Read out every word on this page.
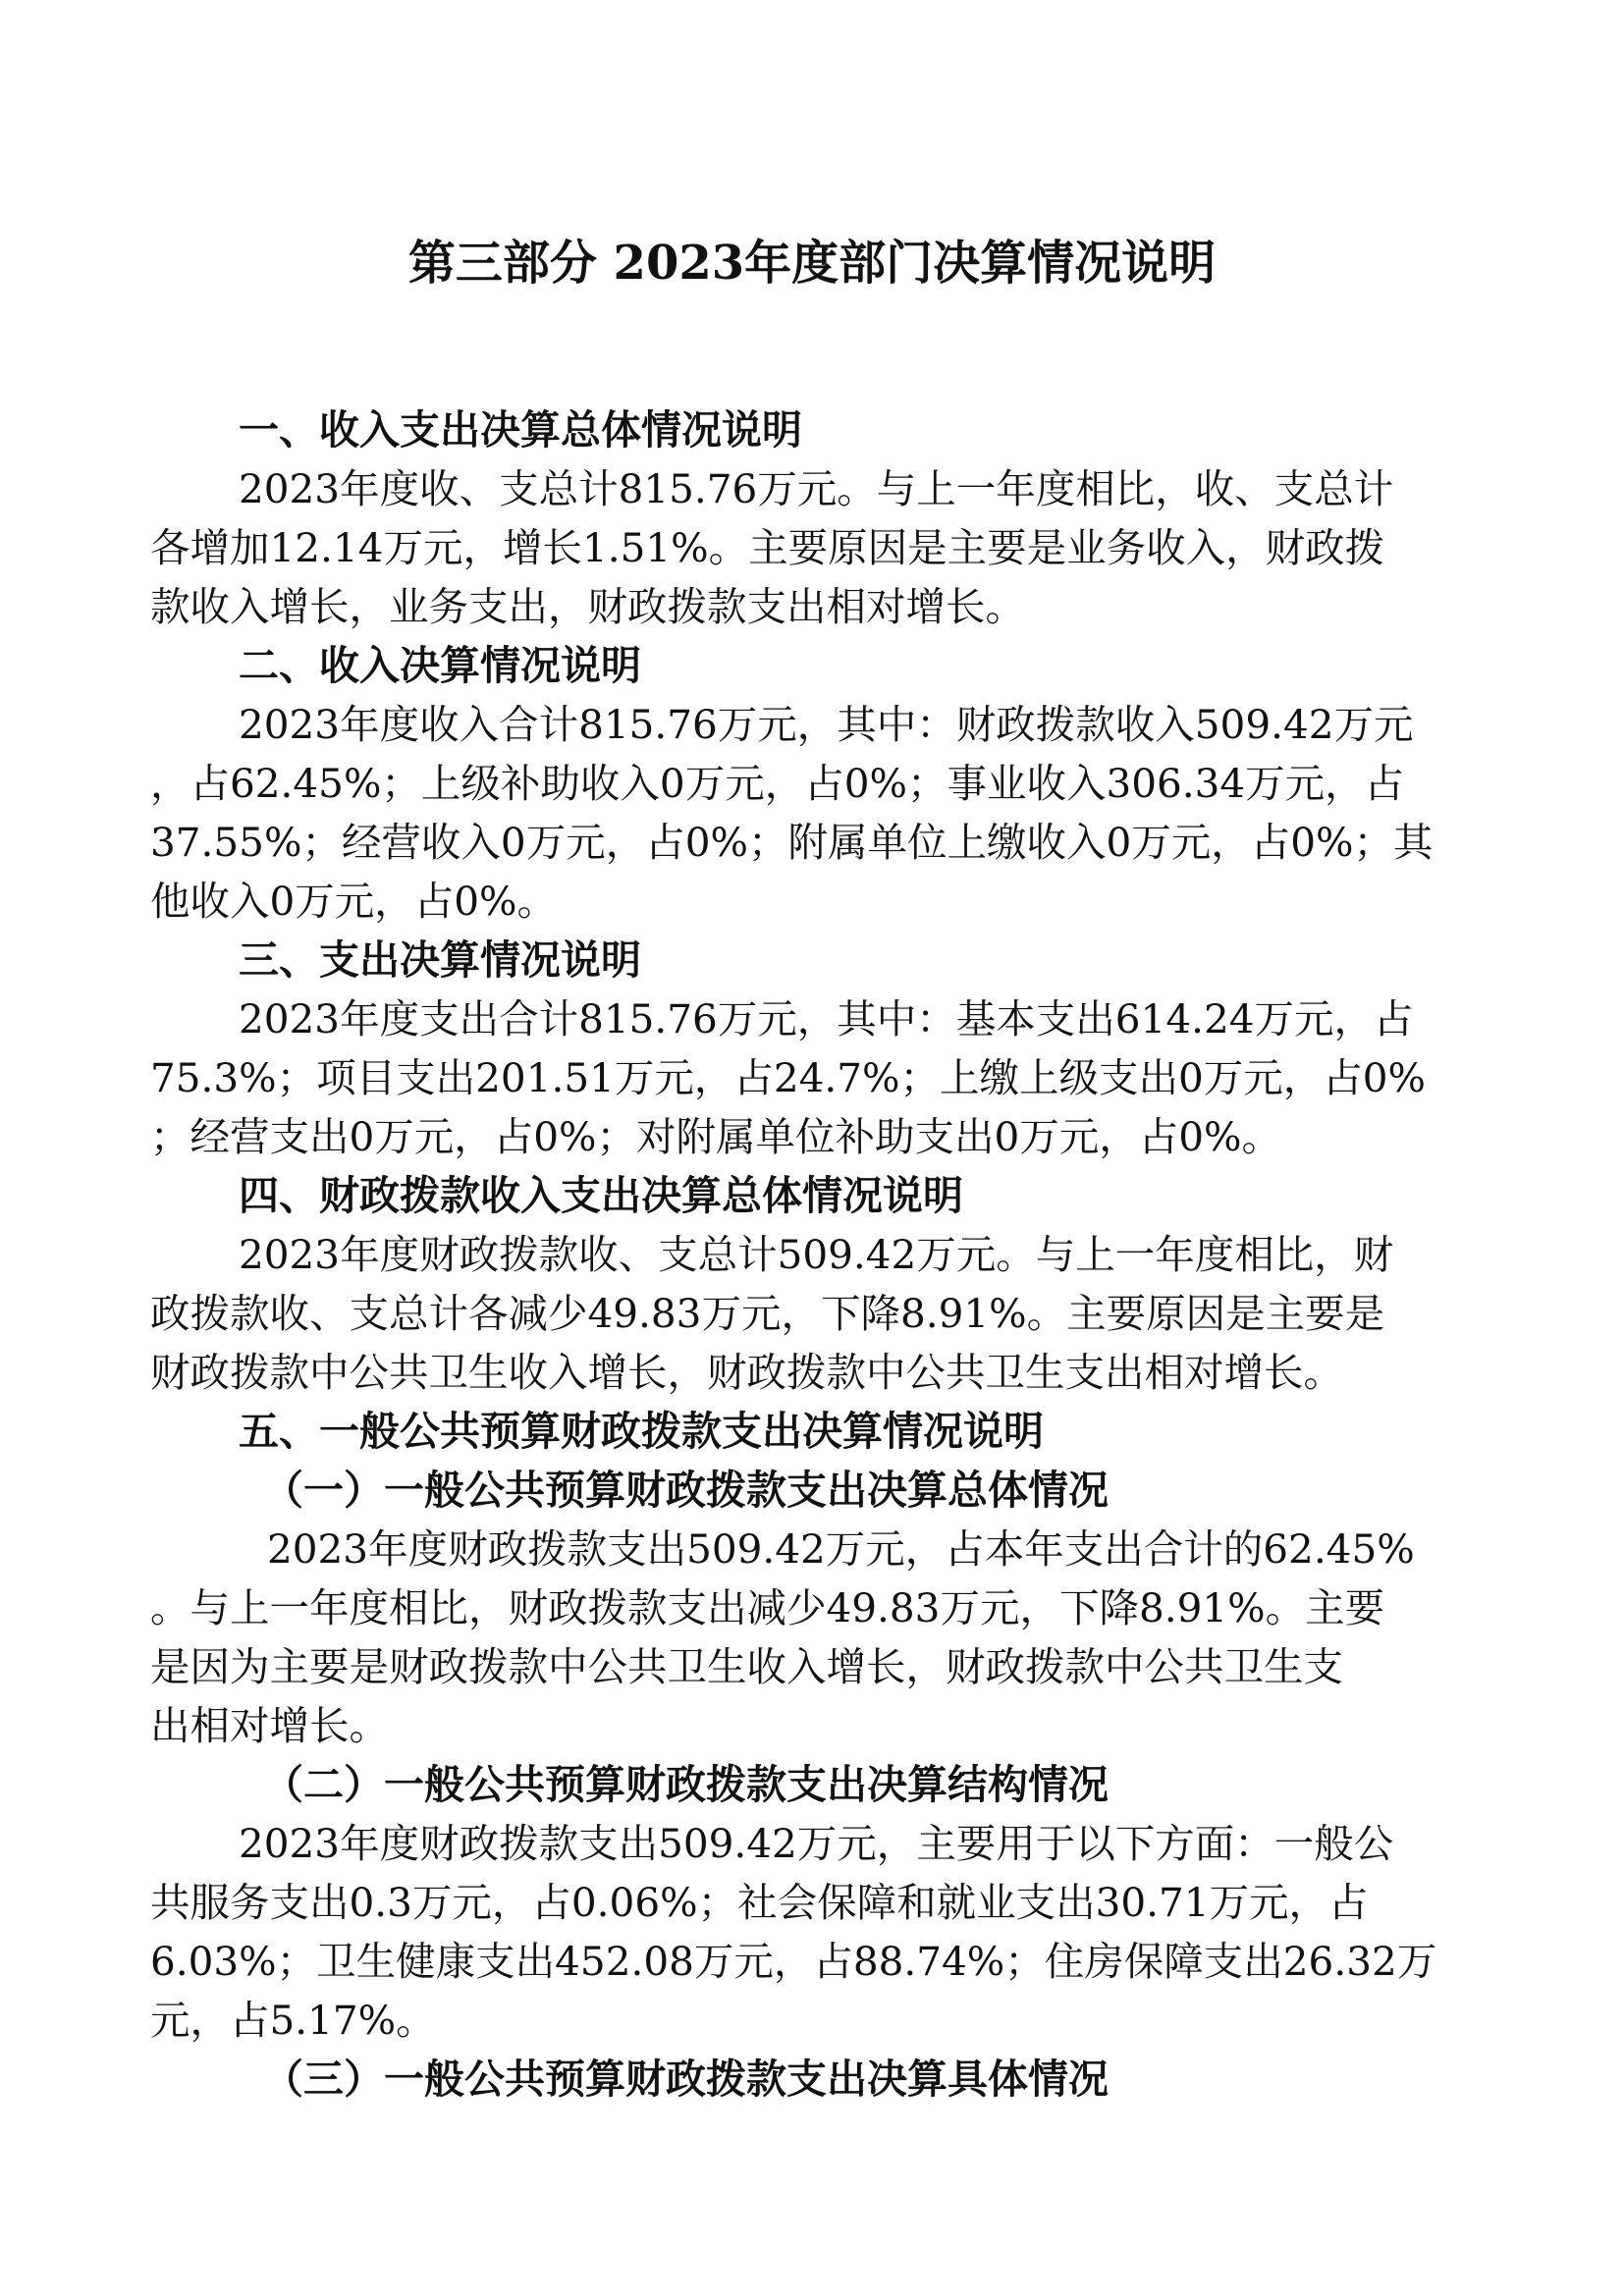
第三部分 2023年度部门决算情况说明
一、收入支出决算总体情况说明
2023年度收、支总计815.76万元。与上一年度相比，收、支总计
各增加12.14万元，增长1.51%。主要原因是主要是业务收入，财政拨
款收入增长，业务支出，财政拨款支出相对增长。
二、收入决算情况说明
2023年度收入合计815.76万元，其中：财政拨款收入509.42万元
，占62.45%；上级补助收入0万元，占0%；事业收入306.34万元，占
37.55%；经营收入0万元，占0%；附属单位上缴收入0万元，占0%；其
他收入0万元，占0%。
三、支出决算情况说明
2023年度支出合计815.76万元，其中：基本支出614.24万元，占
75.3%；项目支出201.51万元，占24.7%；上缴上级支出0万元，占0%
；经营支出0万元，占0%；对附属单位补助支出0万元，占0%。
四、财政拨款收入支出决算总体情况说明
2023年度财政拨款收、支总计509.42万元。与上一年度相比，财
政拨款收、支总计各减少49.83万元，下降8.91%。主要原因是主要是
财政拨款中公共卫生收入增长，财政拨款中公共卫生支出相对增长。
五、一般公共预算财政拨款支出决算情况说明
（一）一般公共预算财政拨款支出决算总体情况
2023年度财政拨款支出509.42万元，占本年支出合计的62.45%
。与上一年度相比，财政拨款支出减少49.83万元，下降8.91%。主要
是因为主要是财政拨款中公共卫生收入增长，财政拨款中公共卫生支
出相对增长。
（二）一般公共预算财政拨款支出决算结构情况
2023年度财政拨款支出509.42万元，主要用于以下方面：一般公
共服务支出0.3万元，占0.06%；社会保障和就业支出30.71万元，占
6.03%；卫生健康支出452.08万元，占88.74%；住房保障支出26.32万
元，占5.17%。
（三）一般公共预算财政拨款支出决算具体情况
